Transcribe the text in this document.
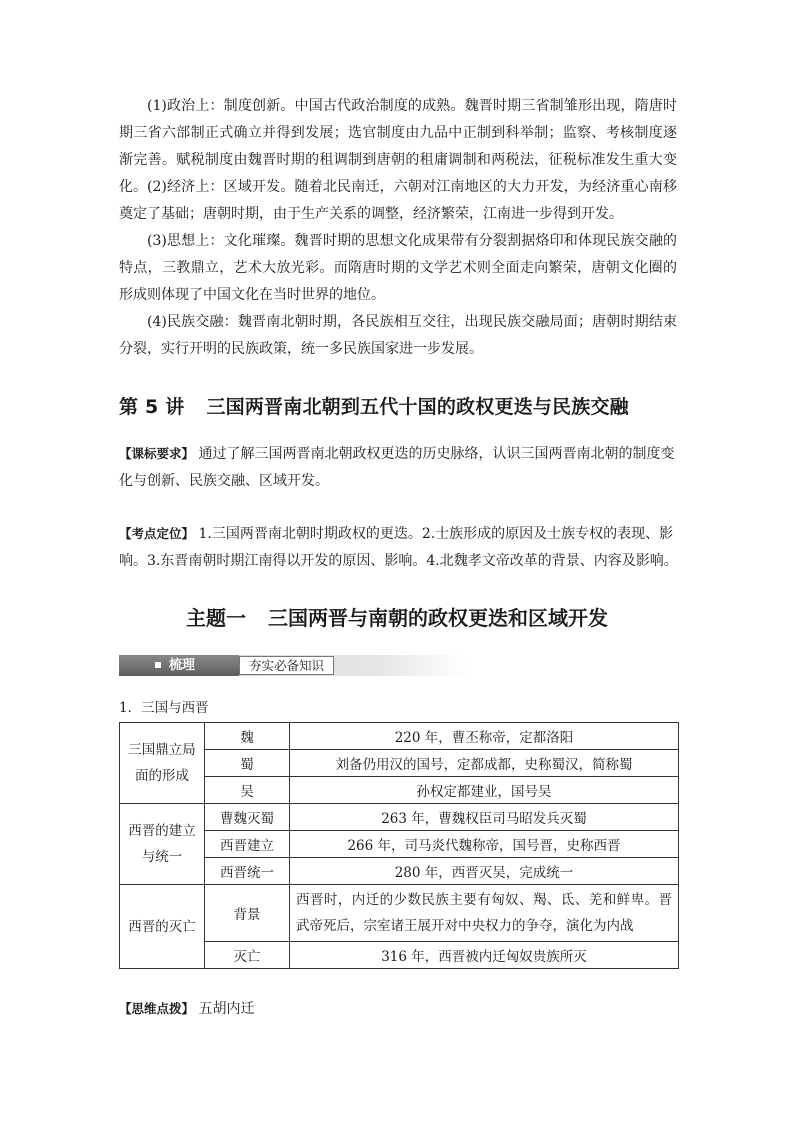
(1)政治上：制度创新。中国古代政治制度的成熟。魏晋时期三省制雏形出现，隋唐时期三省六部制正式确立并得到发展；选官制度由九品中正制到科举制；监察、考核制度逐渐完善。赋税制度由魏晋时期的租调制到唐朝的租庸调制和两税法，征税标准发生重大变化。 (2)经济上：区域开发。随着北民南迁，六朝对江南地区的大力开发，为经济重心南移奠定了基础；唐朝时期，由于生产关系的调整，经济繁荣，江南进一步得到开发。

(3)思想上：文化璀璨。魏晋时期的思想文化成果带有分裂割据烙印和体现民族交融的特点，三教鼎立，艺术大放光彩。而隋唐时期的文学艺术则全面走向繁荣，唐朝文化圈的形成则体现了中国文化在当时世界的地位。

(4)民族交融：魏晋南北朝时期，各民族相互交往，出现民族交融局面；唐朝时期结束分裂，实行开明的民族政策，统一多民族国家进一步发展。

第 5 讲 三国两晋南北朝到五代十国的政权更迭与民族交融

【课标要求】 通过了解三国两晋南北朝政权更迭的历史脉络，认识三国两晋南北朝的制度变化与创新、民族交融、区域开发。

【考点定位】 1.三国两晋南北朝时期政权的更迭。2.士族形成的原因及士族专权的表现、影响。3.东晋南朝时期江南得以开发的原因、影响。4.北魏孝文帝改革的背景、内容及影响。

主题一 三国两晋与南朝的政权更迭和区域开发
梳理	夯实必备知识
1．三国与西晋
三国鼎立局面的形成	魏	220 年，曹丕称帝，定都洛阳
	蜀	刘备仍用汉的国号，定都成都，史称蜀汉，简称蜀
	吴	孙权定都建业，国号吴
西晋的建立与统一	曹魏灭蜀	263 年，曹魏权臣司马昭发兵灭蜀
	西晋建立	266 年，司马炎代魏称帝，国号晋，史称西晋
	西晋统一	280 年，西晋灭吴，完成统一
西晋的灭亡	背景	西晋时，内迁的少数民族主要有匈奴、羯、氐、羌和鲜卑。晋武帝死后，宗室诸王展开对中央权力的争夺，演化为内战
	灭亡	316 年，西晋被内迁匈奴贵族所灭
【思维点拨】 五胡内迁
